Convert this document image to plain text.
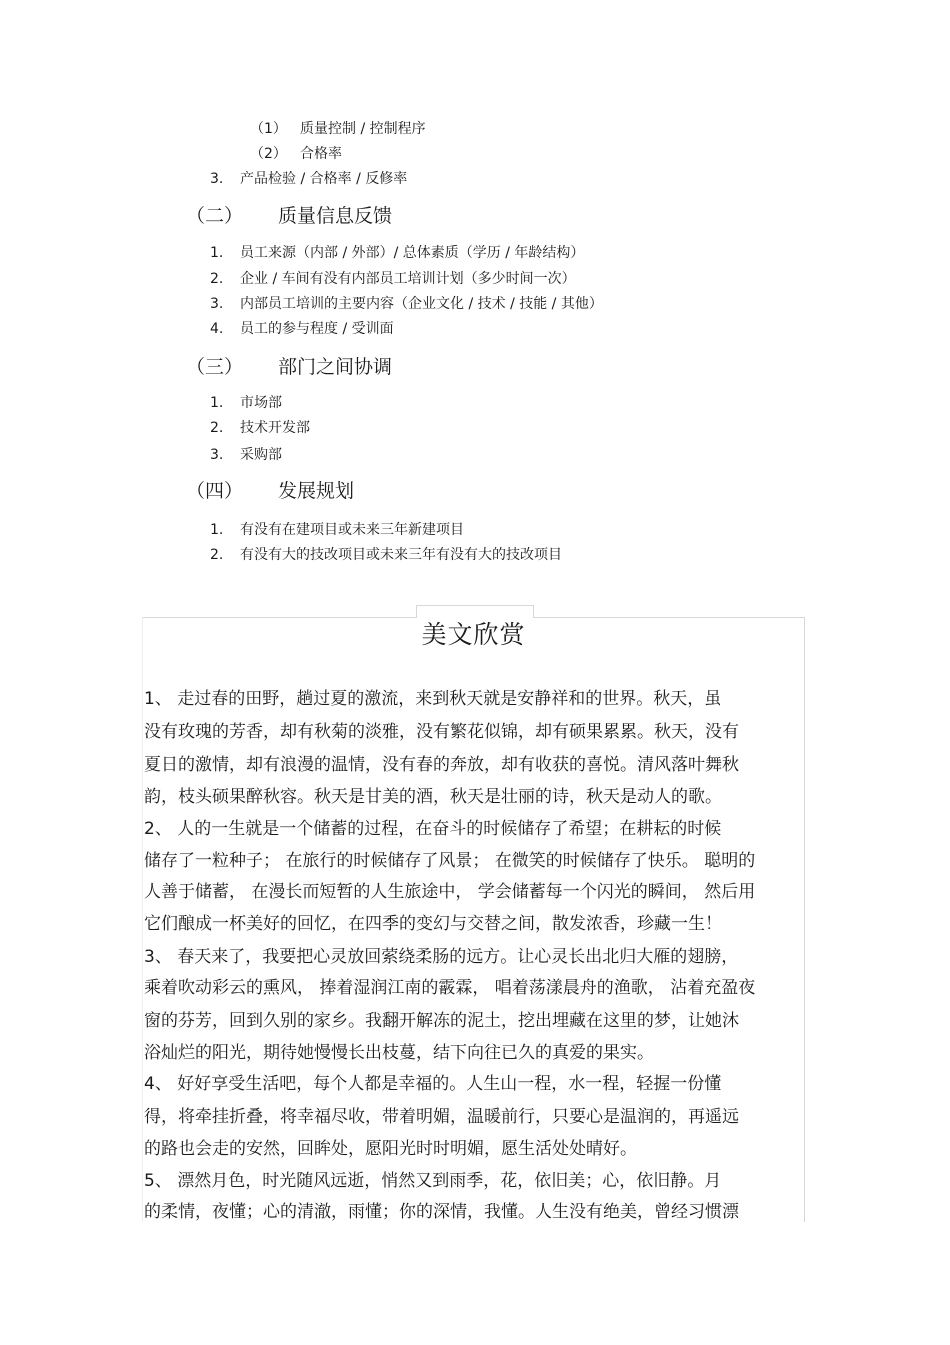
（1） 质量控制 / 控制程序
（2） 合格率
3. 产品检验 / 合格率 / 反修率
（二） 质量信息反馈
1. 员工来源（内部 / 外部）/ 总体素质（学历 / 年龄结构）
2. 企业 / 车间有没有内部员工培训计划（多少时间一次）
3. 内部员工培训的主要内容（企业文化 / 技术 / 技能 / 其他）
4. 员工的参与程度 / 受训面
（三） 部门之间协调
1. 市场部
2. 技术开发部
3. 采购部
（四） 发展规划
1. 有没有在建项目或未来三年新建项目
2. 有没有大的技改项目或未来三年有没有大的技改项目
美文欣赏
1、 走过春的田野，趟过夏的激流，来到秋天就是安静祥和的世界。秋天，虽
没有玫瑰的芳香，却有秋菊的淡雅，没有繁花似锦，却有硕果累累。秋天，没有
夏日的激情，却有浪漫的温情，没有春的奔放，却有收获的喜悦。清风落叶舞秋
韵，枝头硕果醉秋容。秋天是甘美的酒，秋天是壮丽的诗，秋天是动人的歌。
2、 人的一生就是一个储蓄的过程，在奋斗的时候储存了希望；在耕耘的时候
储存了一粒种子； 在旅行的时候储存了风景； 在微笑的时候储存了快乐。 聪明的
人善于储蓄， 在漫长而短暂的人生旅途中， 学会储蓄每一个闪光的瞬间， 然后用
它们酿成一杯美好的回忆，在四季的变幻与交替之间，散发浓香，珍藏一生！
3、 春天来了，我要把心灵放回萦绕柔肠的远方。让心灵长出北归大雁的翅膀，
乘着吹动彩云的熏风， 捧着湿润江南的霰霖， 唱着荡漾晨舟的渔歌， 沾着充盈夜
窗的芬芳，回到久别的家乡。我翻开解冻的泥土，挖出埋藏在这里的梦，让她沐
浴灿烂的阳光，期待她慢慢长出枝蔓，结下向往已久的真爱的果实。
4、 好好享受生活吧，每个人都是幸福的。人生山一程，水一程，轻握一份懂
得，将牵挂折叠，将幸福尽收，带着明媚，温暖前行，只要心是温润的，再遥远
的路也会走的安然，回眸处，愿阳光时时明媚，愿生活处处晴好。
5、 漂然月色，时光随风远逝，悄然又到雨季，花，依旧美；心，依旧静。月
的柔情，夜懂；心的清澈，雨懂；你的深情，我懂。人生没有绝美，曾经习惯漂
